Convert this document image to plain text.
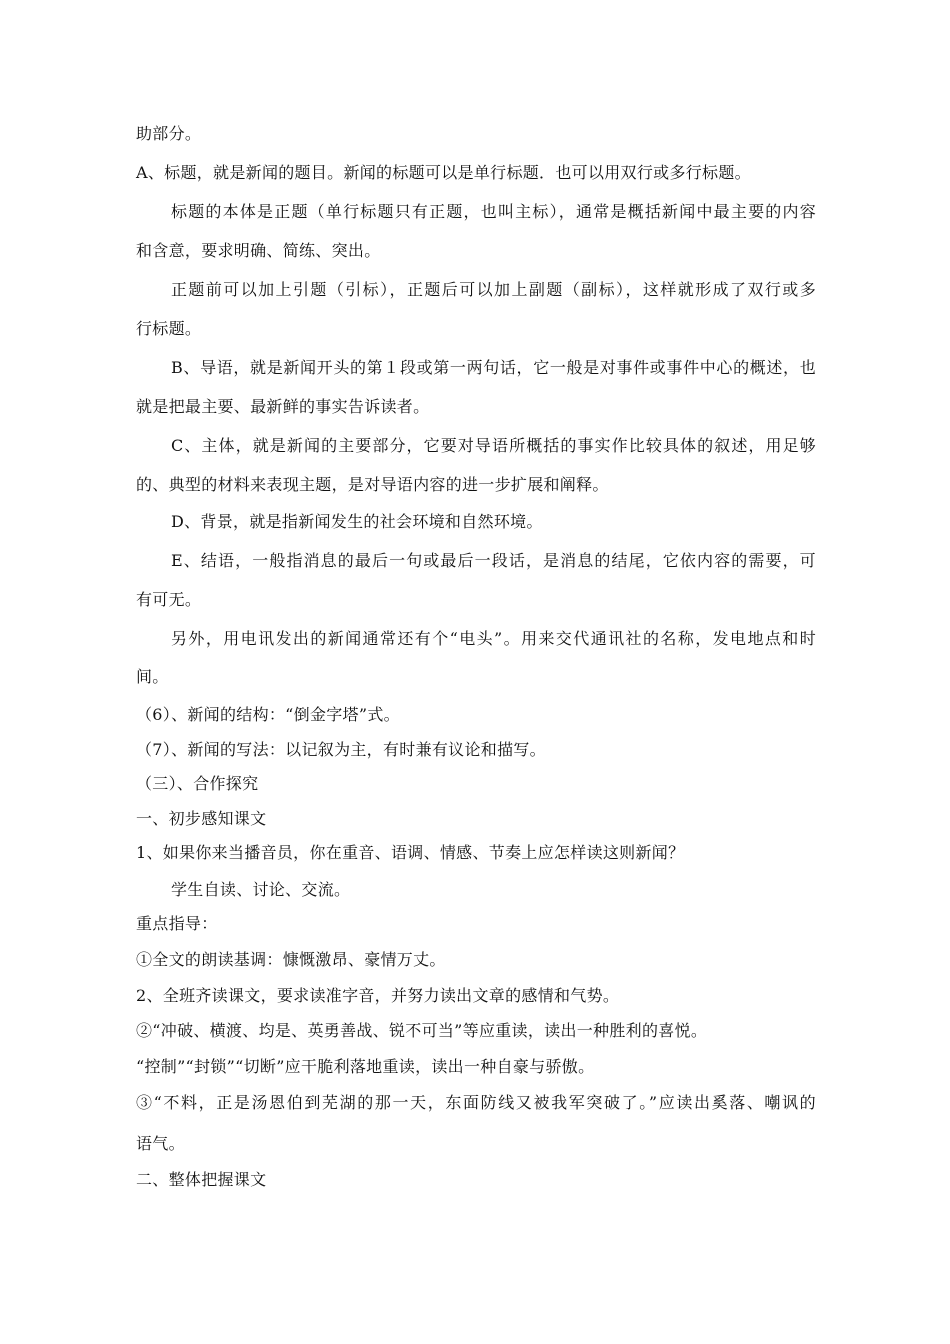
助部分。
A、标题，就是新闻的题目。新闻的标题可以是单行标题．也可以用双行或多行标题。
标题的本体是正题（单行标题只有正题，也叫主标），通常是概括新闻中最主要的内容
和含意，要求明确、简练、突出。
正题前可以加上引题（引标），正题后可以加上副题（副标），这样就形成了双行或多
行标题。
B、导语，就是新闻开头的第１段或第一两句话，它一般是对事件或事件中心的概述，也
就是把最主要、最新鲜的事实告诉读者。
C、主体，就是新闻的主要部分，它要对导语所概括的事实作比较具体的叙述，用足够
的、典型的材料来表现主题，是对导语内容的进一步扩展和阐释。
D、背景，就是指新闻发生的社会环境和自然环境。
E、结语，一般指消息的最后一句或最后一段话，是消息的结尾，它依内容的需要，可
有可无。
另外，用电讯发出的新闻通常还有个“电头”。用来交代通讯社的名称，发电地点和时
间。
（6）、新闻的结构：“倒金字塔”式。
（7）、新闻的写法：以记叙为主，有时兼有议论和描写。
（三）、合作探究
一、初步感知课文
1、如果你来当播音员，你在重音、语调、情感、节奏上应怎样读这则新闻？
学生自读、讨论、交流。
重点指导：
①全文的朗读基调：慷慨激昂、豪情万丈。
2、全班齐读课文，要求读准字音，并努力读出文章的感情和气势。
②“冲破、横渡、均是、英勇善战、锐不可当”等应重读，读出一种胜利的喜悦。
“控制”“封锁”“切断”应干脆利落地重读，读出一种自豪与骄傲。
③“不料，正是汤恩伯到芜湖的那一天，东面防线又被我军突破了。”应读出奚落、嘲讽的
语气。
二、整体把握课文
